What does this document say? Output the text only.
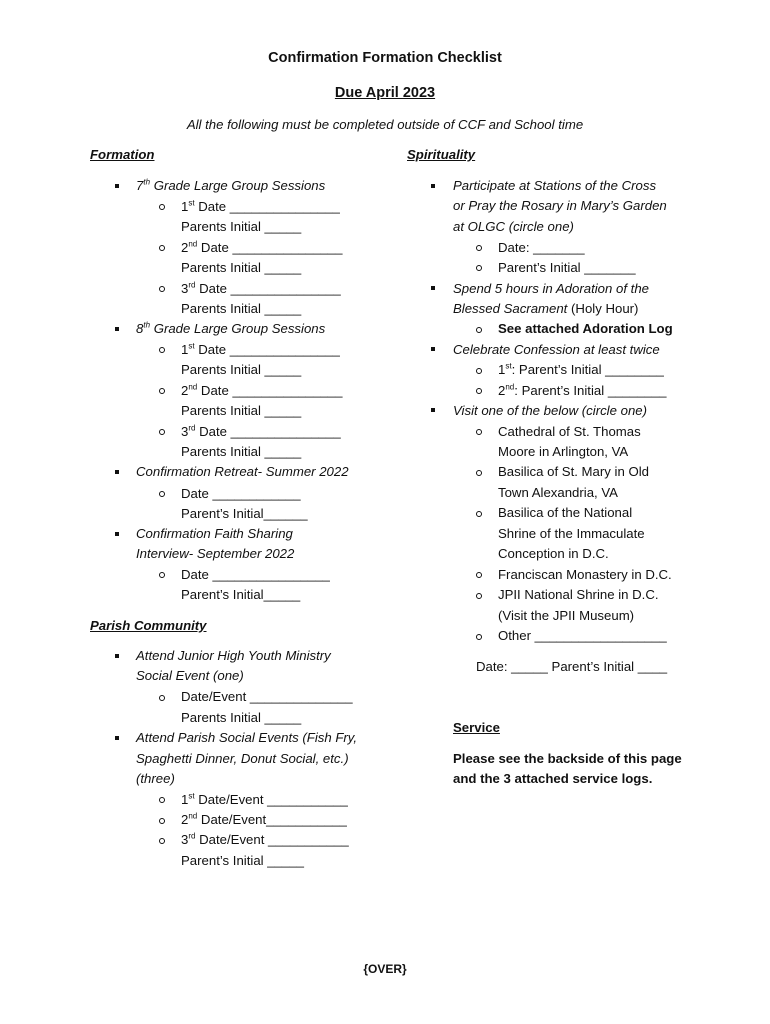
Confirmation Formation Checklist
Due April 2023
All the following must be completed outside of CCF and School time
Formation
7th Grade Large Group Sessions
1st Date _______________
Parents Initial _____
2nd Date _______________
Parents Initial _____
3rd Date _______________
Parents Initial _____
8th Grade Large Group Sessions
1st Date _______________
Parents Initial _____
2nd Date _______________
Parents Initial _____
3rd Date _______________
Parents Initial _____
Confirmation Retreat- Summer 2022
Date ____________
Parent’s Initial______
Confirmation Faith Sharing
Interview- September 2022
Date ________________
Parent’s Initial_____
Parish Community
Attend Junior High Youth Ministry
Social Event (one)
Date/Event ______________
Parents Initial _____
Attend Parish Social Events (Fish Fry,
Spaghetti Dinner, Donut Social, etc.)
(three)
1st Date/Event ___________
2nd Date/Event___________
3rd Date/Event ___________
Parent’s Initial _____
Spirituality
Participate at Stations of the Cross
or Pray the Rosary in Mary’s Garden
at OLGC (circle one)
Date: _______
Parent’s Initial _______
Spend 5 hours in Adoration of the
Blessed Sacrament (Holy Hour)
See attached Adoration Log
Celebrate Confession at least twice
1st: Parent’s Initial ________
2nd: Parent’s Initial ________
Visit one of the below (circle one)
Cathedral of St. Thomas
Moore in Arlington, VA
Basilica of St. Mary in Old
Town Alexandria, VA
Basilica of the National
Shrine of the Immaculate
Conception in D.C.
Franciscan Monastery in D.C.
JPII National Shrine in D.C.
(Visit the JPII Museum)
Other __________________
Date: _____ Parent’s Initial ____
Service
Please see the backside of this page
and the 3 attached service logs.
{OVER}
